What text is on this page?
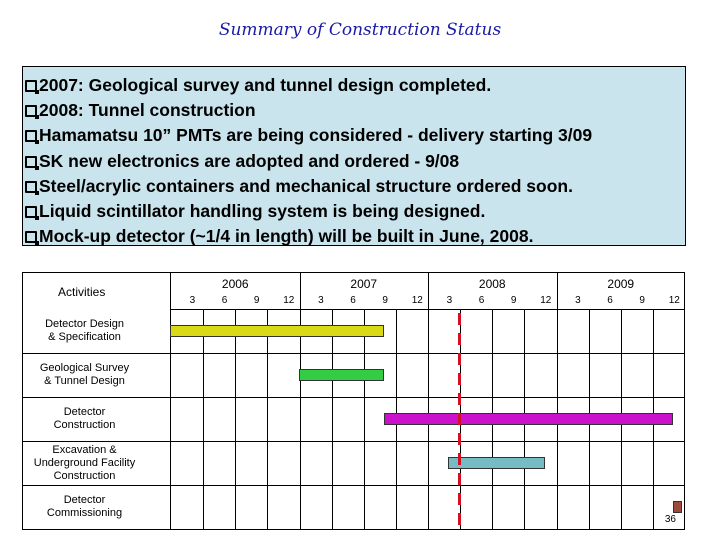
Summary of Construction Status
2007: Geological survey and tunnel design completed.
2008: Tunnel construction
Hamamatsu 10” PMTs are being considered - delivery starting 3/09
SK new electronics are adopted and ordered - 9/08
Steel/acrylic containers and mechanical structure ordered soon.
Liquid scintillator handling system is being designed.
Mock-up detector (~1/4 in length) will be built in June, 2008.
Activities
2006
3	6	9	12
2007
3	6	9	12
2008
3	6	9	12
2009
3	6	9	12
Detector Design
& Specification
Geological Survey
& Tunnel Design
Detector
Construction
Excavation &
Underground Facility
Construction
Detector
Commissioning
36
